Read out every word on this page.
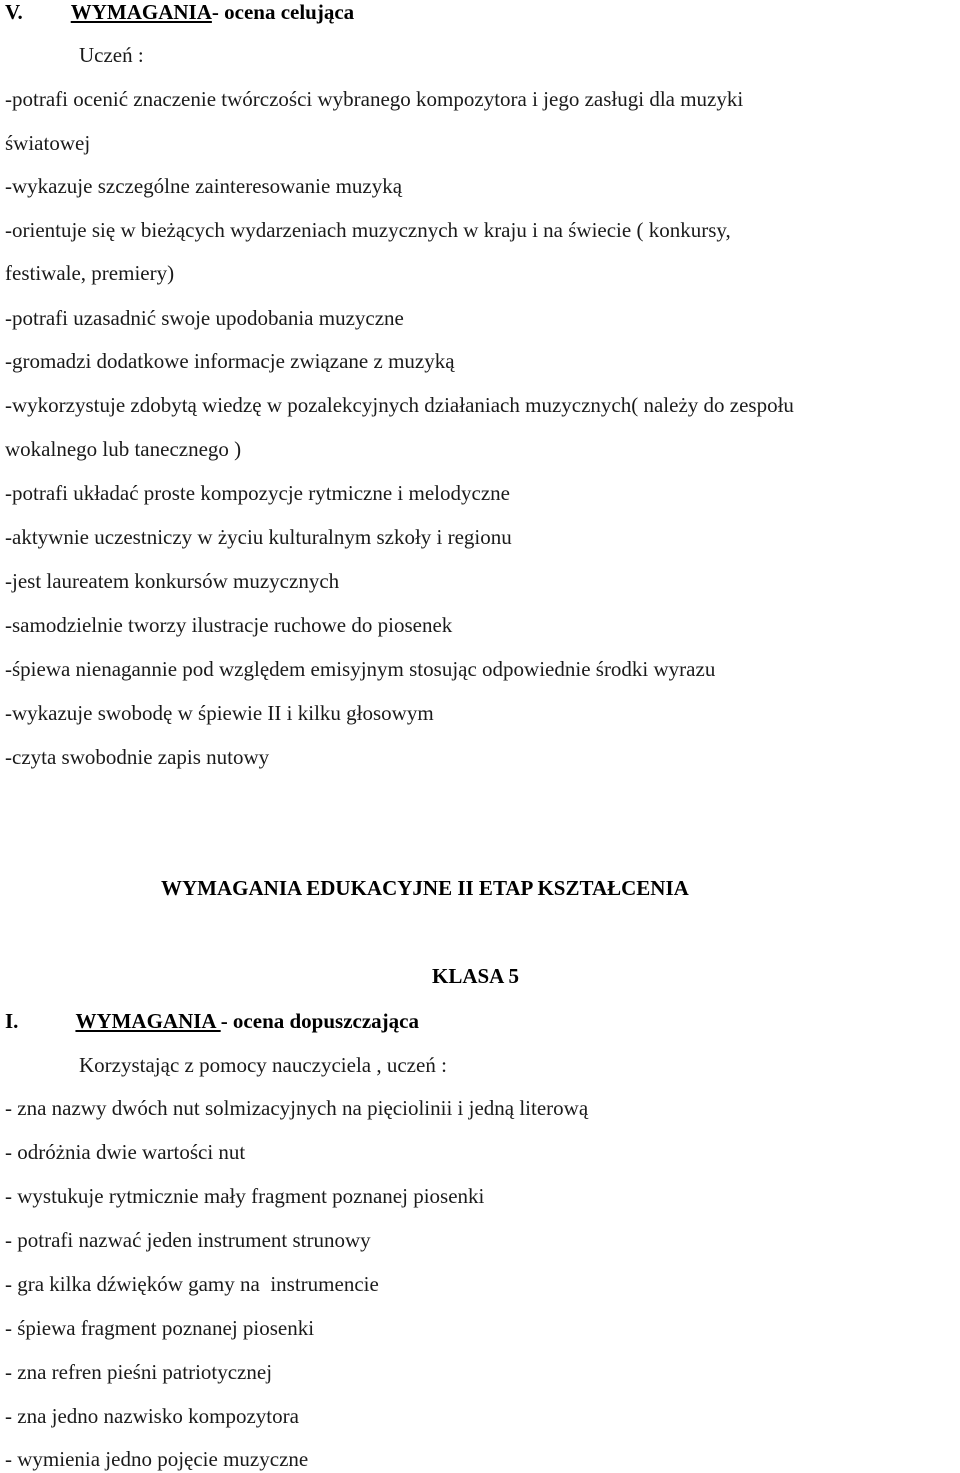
V. WYMAGANIA- ocena celująca
Uczeń :
-potrafi ocenić znaczenie twórczości wybranego kompozytora i jego zasługi dla muzyki
światowej
-wykazuje szczególne zainteresowanie muzyką
-orientuje się w bieżących wydarzeniach muzycznych w kraju i na świecie ( konkursy,
festiwale, premiery)
-potrafi uzasadnić swoje upodobania muzyczne
-gromadzi dodatkowe informacje związane z muzyką
-wykorzystuje zdobytą wiedzę w pozalekcyjnych działaniach muzycznych( należy do zespołu
wokalnego lub tanecznego )
-potrafi układać proste kompozycje rytmiczne i melodyczne
-aktywnie uczestniczy w życiu kulturalnym szkoły i regionu
-jest laureatem konkursów muzycznych
-samodzielnie tworzy ilustracje ruchowe do piosenek
-śpiewa nienagannie pod względem emisyjnym stosując odpowiednie środki wyrazu
-wykazuje swobodę w śpiewie II i kilku głosowym
-czyta swobodnie zapis nutowy
WYMAGANIA EDUKACYJNE II ETAP KSZTAŁCENIA
KLASA 5
I.	WYMAGANIA - ocena dopuszczająca
Korzystając z pomocy nauczyciela , uczeń :
- zna nazwy dwóch nut solmizacyjnych na pięciolinii i jedną literową
- odróżnia dwie wartości nut
- wystukuje rytmicznie mały fragment poznanej piosenki
- potrafi nazwać jeden instrument strunowy
- gra kilka dźwięków gamy na  instrumencie
- śpiewa fragment poznanej piosenki
- zna refren pieśni patriotycznej
- zna jedno nazwisko kompozytora
- wymienia jedno pojęcie muzyczne
